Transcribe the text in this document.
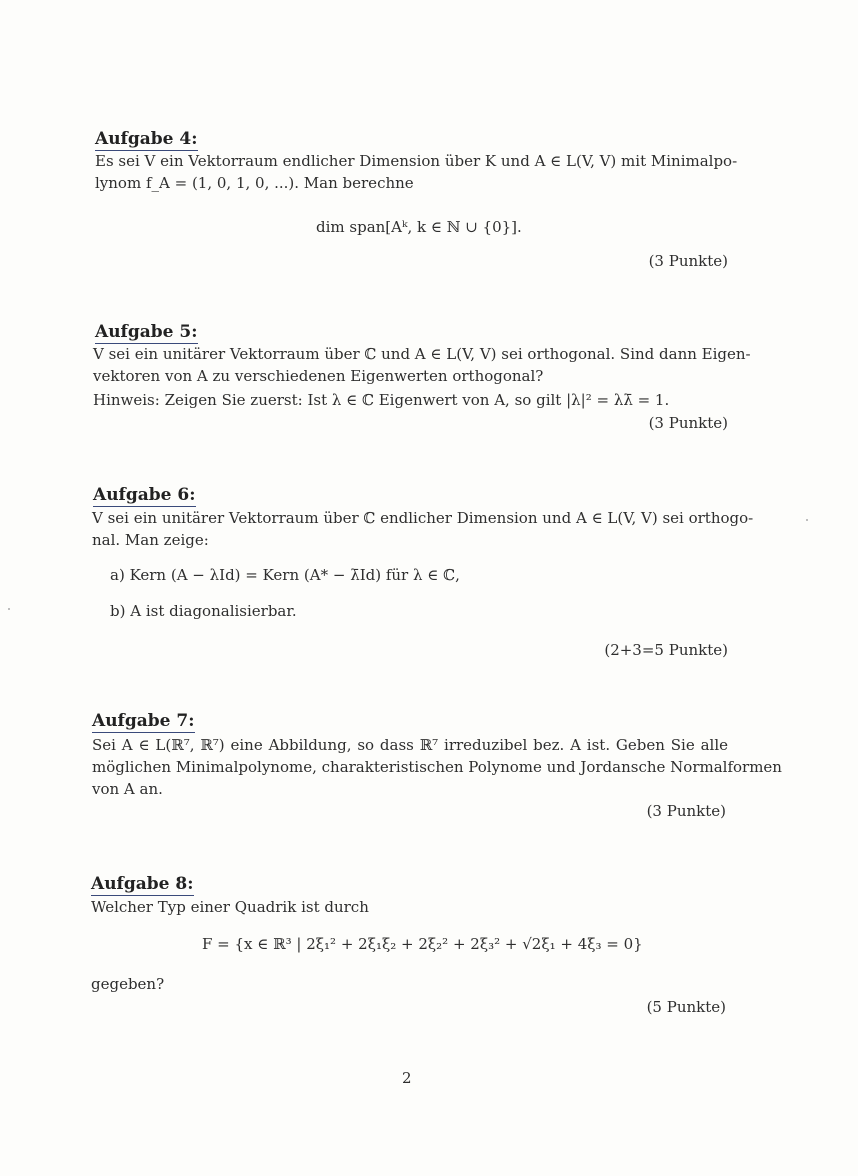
Aufgabe 4:
Es sei V ein Vektorraum endlicher Dimension über K und A ∈ L(V, V) mit Minimalpo-
lynom f_A = (1, 0, 1, 0, ...). Man berechne
dim span[Aᵏ, k ∈ ℕ ∪ {0}].
(3 Punkte)
Aufgabe 5:
V sei ein unitärer Vektorraum über ℂ und A ∈ L(V, V) sei orthogonal. Sind dann Eigen-
vektoren von A zu verschiedenen Eigenwerten orthogonal?
Hinweis: Zeigen Sie zuerst: Ist λ ∈ ℂ Eigenwert von A, so gilt |λ|² = λλ̄ = 1.
(3 Punkte)
Aufgabe 6:
V sei ein unitärer Vektorraum über ℂ endlicher Dimension und A ∈ L(V, V) sei orthogo-
nal. Man zeige:
a) Kern (A − λId) = Kern (A* − λ̄Id) für λ ∈ ℂ,
b) A ist diagonalisierbar.
(2+3=5 Punkte)
Aufgabe 7:
Sei A ∈ L(ℝ⁷, ℝ⁷) eine Abbildung, so dass ℝ⁷ irreduzibel bez. A ist. Geben Sie alle
möglichen Minimalpolynome, charakteristischen Polynome und Jordansche Normalformen
von A an.
(3 Punkte)
Aufgabe 8:
Welcher Typ einer Quadrik ist durch
F = {x ∈ ℝ³ | 2ξ₁² + 2ξ₁ξ₂ + 2ξ₂² + 2ξ₃² + √2ξ₁ + 4ξ₃ = 0}
gegeben?
(5 Punkte)
2
